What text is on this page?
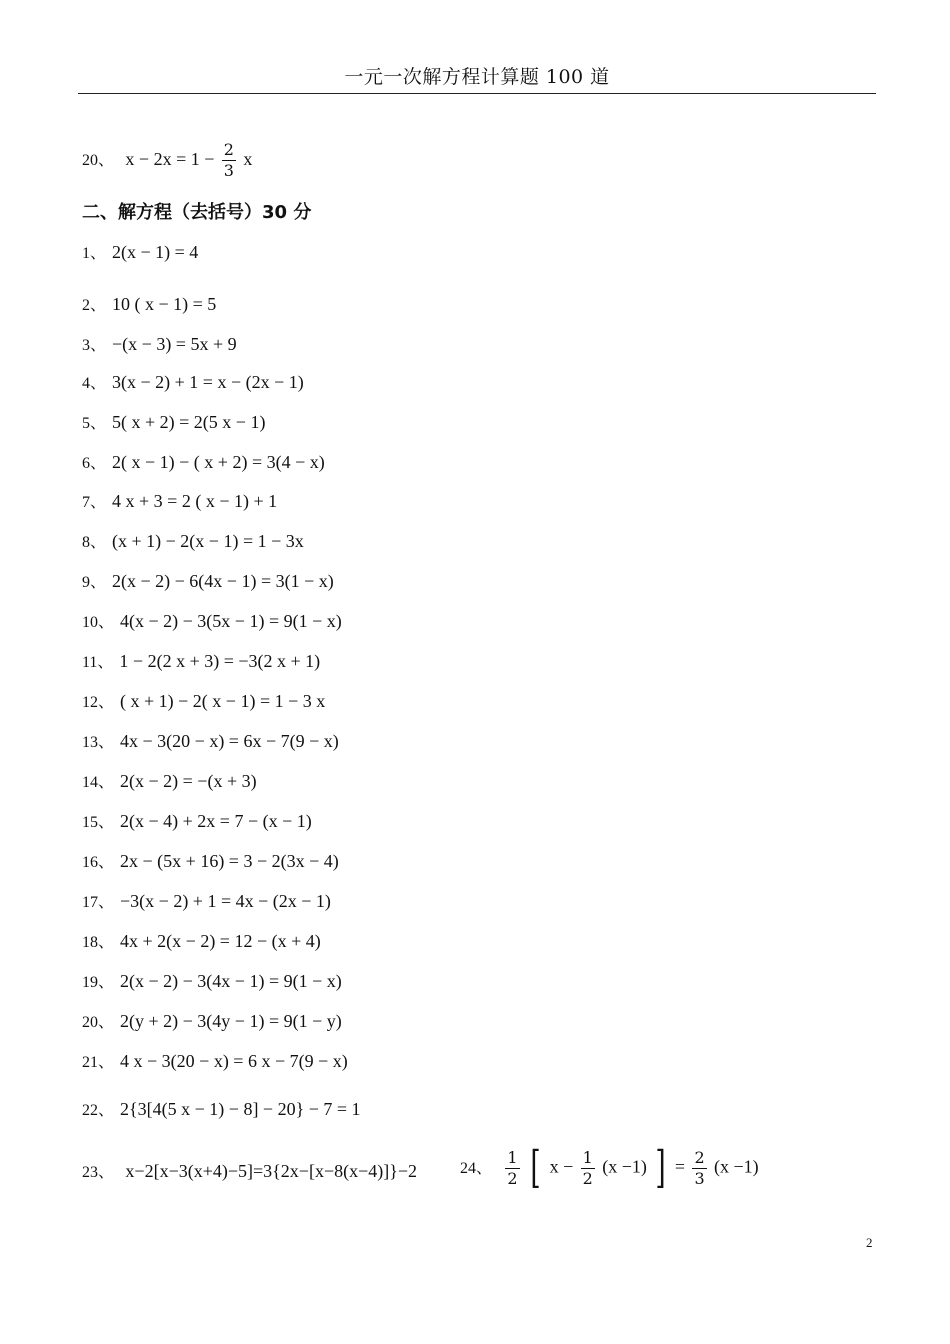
一元一次解方程计算题 100 道
20、 $x - 2x = 1 - \frac{2}{3}$ x
二、解方程（去括号）30 分
1、 2(x − 1) = 4
2、 10 ( x − 1) = 5
3、 −(x − 3) = 5x + 9
4、 3(x − 2) + 1 = x − (2x − 1)
5、 5( x + 2) = 2(5 x − 1)
6、 2( x − 1) − ( x + 2) = 3(4 − x)
7、 4 x + 3 = 2 ( x − 1) + 1
8、 (x + 1) − 2(x − 1) = 1 − 3x
9、 2(x − 2) − 6(4x − 1) = 3(1 − x)
10、 4(x − 2) − 3(5x − 1) = 9(1 − x)
11、 1 − 2(2 x + 3) = −3(2 x + 1)
12、 ( x + 1) − 2( x − 1) = 1 − 3 x
13、 4x − 3(20 − x) = 6x − 7(9 − x)
14、 2(x − 2) = −(x + 3)
15、 2(x − 4) + 2x = 7 − (x − 1)
16、 2x − (5x + 16) = 3 − 2(3x − 4)
17、 −3(x − 2) + 1 = 4x − (2x − 1)
18、 4x + 2(x − 2) = 12 − (x + 4)
19、 2(x − 2) − 3(4x − 1) = 9(1 − x)
20、 2(y + 2) − 3(4y − 1) = 9(1 − y)
21、 4 x − 3(20 − x) = 6 x − 7(9 − x)
22、 2{3[4(5 x − 1) − 8] − 20} − 7 = 1
23、 x−2[x−3(x+4)−5]=3{2x−[x−8(x−4)]}−2	24、 $\frac{1}{2}$ [ $x - \frac{1}{2} (x -1)$ ] = $\frac{2}{3} (x -1)$
2
